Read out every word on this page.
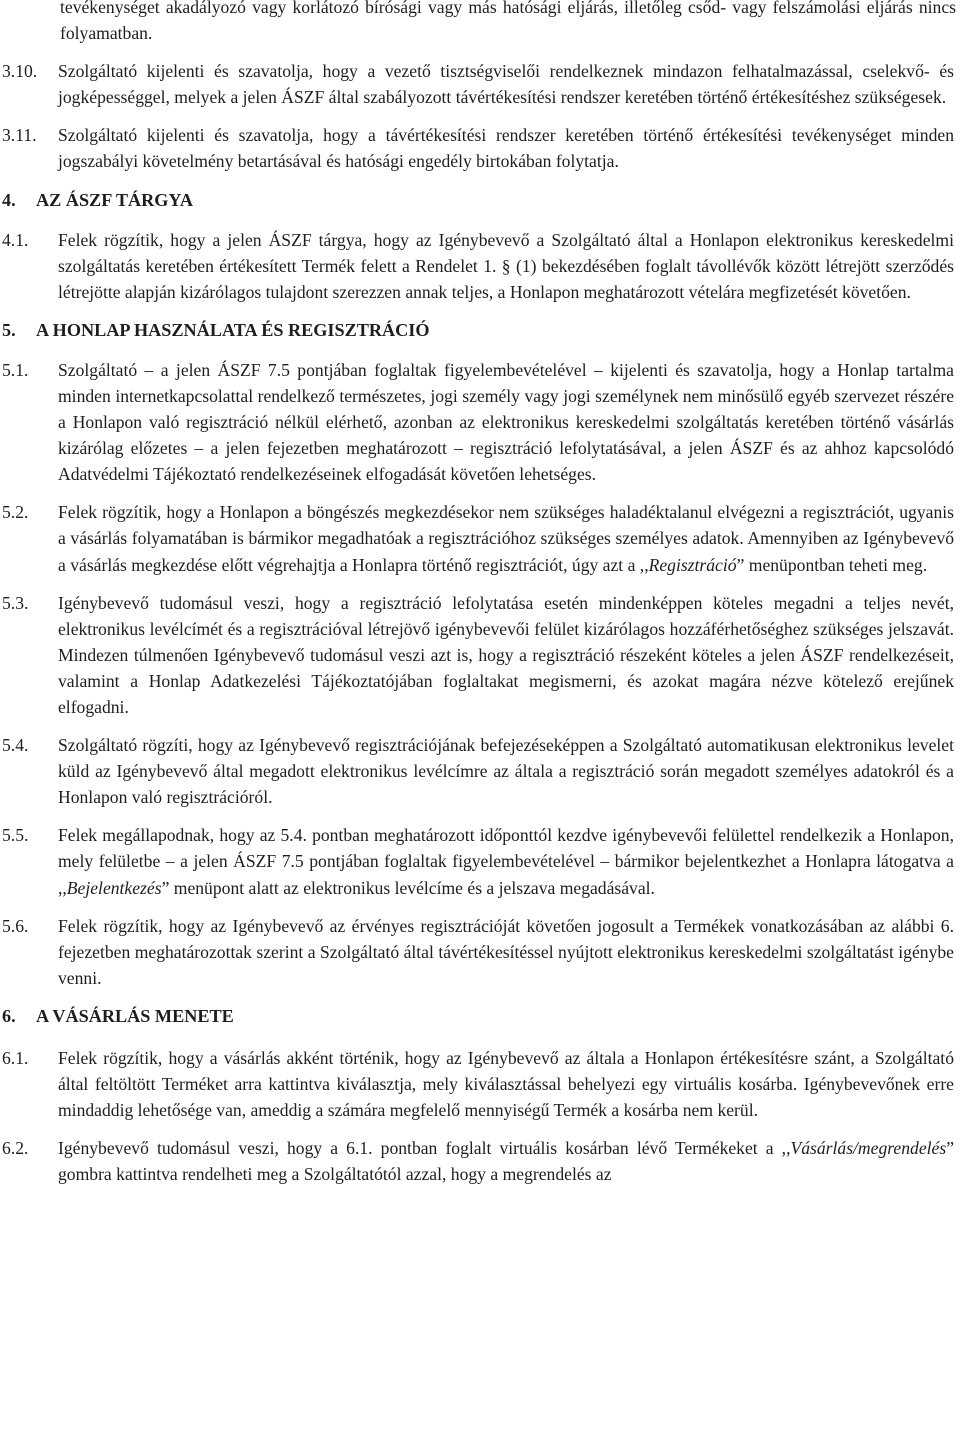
tevékenységet akadályozó vagy korlátozó bírósági vagy más hatósági eljárás, illetőleg csőd- vagy felszámolási eljárás nincs folyamatban.
3.10.	Szolgáltató kijelenti és szavatolja, hogy a vezető tisztségviselői rendelkeznek mindazon felhatalmazással, cselekvő- és jogképességgel, melyek a jelen ÁSZF által szabályozott távértékesítési rendszer keretében történő értékesítéshez szükségesek.
3.11.	Szolgáltató kijelenti és szavatolja, hogy a távértékesítési rendszer keretében történő értékesítési tevékenységet minden jogszabályi követelmény betartásával és hatósági engedély birtokában folytatja.
4.	AZ ÁSZF TÁRGYA
4.1.	Felek rögzítik, hogy a jelen ÁSZF tárgya, hogy az Igénybevevő a Szolgáltató által a Honlapon elektronikus kereskedelmi szolgáltatás keretében értékesített Termék felett a Rendelet 1. § (1) bekezdésében foglalt távollévők között létrejött szerződés létrejötte alapján kizárólagos tulajdont szerezzen annak teljes, a Honlapon meghatározott vételára megfizetését követően.
5.	A HONLAP HASZNÁLATA ÉS REGISZTRÁCIÓ
5.1.	Szolgáltató – a jelen ÁSZF 7.5 pontjában foglaltak figyelembevételével – kijelenti és szavatolja, hogy a Honlap tartalma minden internetkapcsolattal rendelkező természetes, jogi személy vagy jogi személynek nem minősülő egyéb szervezet részére a Honlapon való regisztráció nélkül elérhető, azonban az elektronikus kereskedelmi szolgáltatás keretében történő vásárlás kizárólag előzetes – a jelen fejezetben meghatározott – regisztráció lefolytatásával, a jelen ÁSZF és az ahhoz kapcsolódó Adatvédelmi Tájékoztató rendelkezéseinek elfogadását követően lehetséges.
5.2.	Felek rögzítik, hogy a Honlapon a böngészés megkezdésekor nem szükséges haladéktalanul elvégezni a regisztrációt, ugyanis a vásárlás folyamatában is bármikor megadhatóak a regisztrációhoz szükséges személyes adatok. Amennyiben az Igénybevevő a vásárlás megkezdése előtt végrehajtja a Honlapra történő regisztrációt, úgy azt a ,,Regisztráció” menüpontban teheti meg.
5.3.	Igénybevevő tudomásul veszi, hogy a regisztráció lefolytatása esetén mindenképpen köteles megadni a teljes nevét, elektronikus levélcímét és a regisztrációval létrejövő igénybevevői felület kizárólagos hozzáférhetőséghez szükséges jelszavát. Mindezen túlmenően Igénybevevő tudomásul veszi azt is, hogy a regisztráció részeként köteles a jelen ÁSZF rendelkezéseit, valamint a Honlap Adatkezelési Tájékoztatójában foglaltakat megismerni, és azokat magára nézve kötelező erejűnek elfogadni.
5.4.	Szolgáltató rögzíti, hogy az Igénybevevő regisztrációjának befejezéseképpen a Szolgáltató automatikusan elektronikus levelet küld az Igénybevevő által megadott elektronikus levélcímre az általa a regisztráció során megadott személyes adatokról és a Honlapon való regisztrációról.
5.5.	Felek megállapodnak, hogy az 5.4. pontban meghatározott időponttól kezdve igénybevevői felülettel rendelkezik a Honlapon, mely felületbe – a jelen ÁSZF 7.5 pontjában foglaltak figyelembevételével – bármikor bejelentkezhet a Honlapra látogatva a ,,Bejelentkezés” menüpont alatt az elektronikus levélcíme és a jelszava megadásával.
5.6.	Felek rögzítik, hogy az Igénybevevő az érvényes regisztrációját követően jogosult a Termékek vonatkozásában az alábbi 6. fejezetben meghatározottak szerint a Szolgáltató által távértékesítéssel nyújtott elektronikus kereskedelmi szolgáltatást igénybe venni.
6.	A VÁSÁRLÁS MENETE
6.1.	Felek rögzítik, hogy a vásárlás akként történik, hogy az Igénybevevő az általa a Honlapon értékesítésre szánt, a Szolgáltató által feltöltött Terméket arra kattintva kiválasztja, mely kiválasztással behelyezi egy virtuális kosárba. Igénybevevőnek erre mindaddig lehetősége van, ameddig a számára megfelelő mennyiségű Termék a kosárba nem kerül.
6.2.	Igénybevevő tudomásul veszi, hogy a 6.1. pontban foglalt virtuális kosárban lévő Termékeket a ,,Vásárlás/megrendelés” gombra kattintva rendelheti meg a Szolgáltatótól azzal, hogy a megrendelés az
